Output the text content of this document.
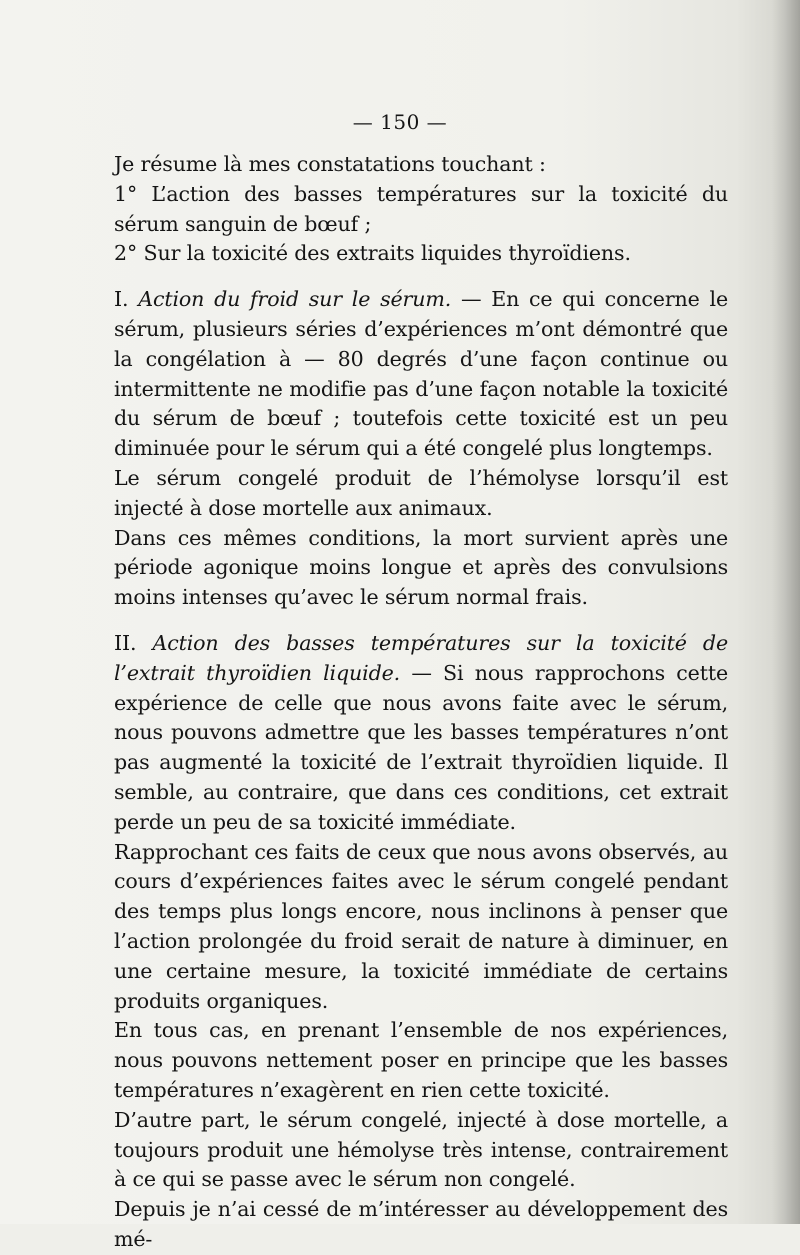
— 150 —

Je résume là mes constatations touchant :

1° L’action des basses températures sur la toxicité du sérum sanguin de bœuf ;

2° Sur la toxicité des extraits liquides thyroïdiens.

I. Action du froid sur le sérum. — En ce qui concerne le sérum, plusieurs séries d’expériences m’ont démontré que la congélation à — 80 degrés d’une façon continue ou intermittente ne modifie pas d’une façon notable la toxicité du sérum de bœuf ; toutefois cette toxicité est un peu diminuée pour le sérum qui a été congelé plus longtemps.

Le sérum congelé produit de l’hémolyse lorsqu’il est injecté à dose mortelle aux animaux.

Dans ces mêmes conditions, la mort survient après une période agonique moins longue et après des convulsions moins intenses qu’avec le sérum normal frais.

II. Action des basses températures sur la toxicité de l’extrait thyroïdien liquide. — Si nous rapprochons cette expérience de celle que nous avons faite avec le sérum, nous pouvons admettre que les basses températures n’ont pas augmenté la toxicité de l’extrait thyroïdien liquide. Il semble, au contraire, que dans ces conditions, cet extrait perde un peu de sa toxicité immédiate.

Rapprochant ces faits de ceux que nous avons observés, au cours d’expériences faites avec le sérum congelé pendant des temps plus longs encore, nous inclinons à penser que l’action prolongée du froid serait de nature à diminuer, en une certaine mesure, la toxicité immédiate de certains produits organiques.

En tous cas, en prenant l’ensemble de nos expériences, nous pouvons nettement poser en principe que les basses températures n’exagèrent en rien cette toxicité.

D’autre part, le sérum congelé, injecté à dose mortelle, a toujours produit une hémolyse très intense, contrairement à ce qui se passe avec le sérum non congelé.

Depuis je n’ai cessé de m’intéresser au développement des mé-
